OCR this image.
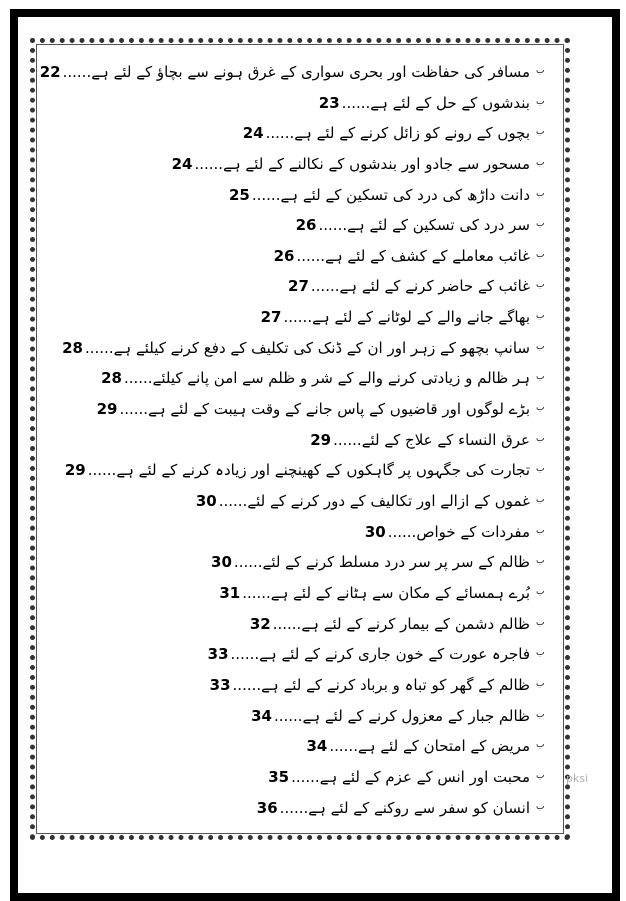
ب
مسافر کی حفاظت اور بحری سواری کے غرق ہونے سے بچاؤ کے لئے ہے......22
ب
بندشوں کے حل کے لئے ہے......23
ب
بچوں کے رونے کو زائل کرنے کے لئے ہے......24
ب
مسحور سے جادو اور بندشوں کے نکالنے کے لئے ہے......24
ب
دانت داڑھ کی درد کی تسکین کے لئے ہے......25
ب
سر درد کی تسکین کے لئے ہے......26
ب
غائب معاملے کے کشف کے لئے ہے......26
ب
غائب کے حاضر کرنے کے لئے ہے......27
ب
بھاگے جانے والے کے لوٹانے کے لئے ہے......27
ب
سانپ بچھو کے زہر اور ان کے ڈنک کی تکلیف کے دفع کرنے کیلئے ہے......28
ب
ہر ظالم و زیادتی کرنے والے کے شر و ظلم سے امن پانے کیلئے......28
ب
بڑے لوگوں اور قاضیوں کے پاس جانے کے وقت ہیبت کے لئے ہے......29
ب
عرق النساء کے علاج کے لئے......29
ب
تجارت کی جگہوں پر گاہکوں کے کھینچنے اور زیادہ کرنے کے لئے ہے......29
ب
غموں کے ازالے اور تکالیف کے دور کرنے کے لئے......30
ب
مفردات کے خواص......30
ب
ظالم کے سر پر سر درد مسلط کرنے کے لئے......30
ب
بُرے ہمسائے کے مکان سے ہٹانے کے لئے ہے......31
ب
ظالم دشمن کے بیمار کرنے کے لئے ہے......32
ب
فاجرہ عورت کے خون جاری کرنے کے لئے ہے......33
ب
ظالم کے گھر کو تباہ و برباد کرنے کے لئے ہے......33
ب
ظالم جبار کے معزول کرنے کے لئے ہے......34
ب
مریض کے امتحان کے لئے ہے......34
ب
محبت اور انس کے عزم کے لئے ہے......35
ب
انسان کو سفر سے روکنے کے لئے ہے......36
pksi
